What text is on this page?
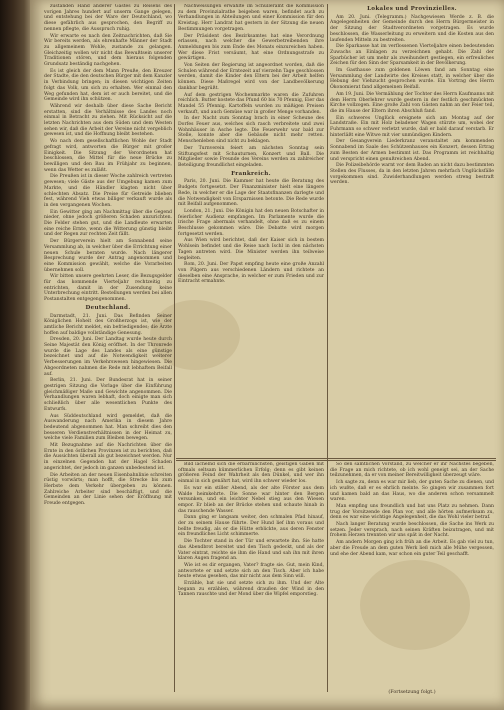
zuständen Hand anderer Gastes zu Reisens des vorigen Jahres hundert auf unserm Gange gelegen, und entstehung bei der Ware der Deutschland, wo diese gefährlich aus gesprochen, den Begriff zu nennen pflegte, die Ausspruch ruhig.

Wir erwarte es nach den Zeitnachrichten, daß Sie Wir bereits werden, als ehrenhafte Männer der Stadt zu allgemeinem Wohle, zustande zu gelangen. Gleichzeitig wollen wir nicht das Bewußtsein unserer Traditionen stören, und dem hieraus folgenden Grundsatz beständig nachgehen.

Es ist gleich der dem Mann Preuße, den Kreuzer der Stadte, die den deutschen Bürger mit dem Kanzler in Verbindung bringen; in diesen wichtigen Zeiten folgt das Volk, um sich zu erhalten. Wer einmal den Weg gefunden hat, dem ist er auch bereitet, und die Gemeinde wird ihn schützen.

Während wir deshalb über diese Sache Bericht erstatten, sind die Verhältnisse des Landes noch einmal in Betracht zu ziehen. Mit Rücksicht auf die letzten Nachrichten aus dem Süden und dem Westen sehen wir, daß die Arbeit der Vereine nicht vergeblich gewesen ist, und die Hoffnung bleibt bestehen.

Wo nach dem gesellschaftlichen Wohle der Stadt gefragt wird, antworten die Bürger mit großer Einigkeit. Die Sitzung der Verordneten hat beschlossen, die Mittel für die neue Brücke zu bewilligen und den Bau im Frühjahr zu beginnen, wenn das Wetter es zuläßt.

Die Preußen ist in dieser Woche zahlreich vertreten gewesen; viele Gäste aus der Umgebung kamen zum Markte, und die Händler klagten nicht über schlechten Absatz. Die Preise für Getreide blieben fest, während Vieh etwas billiger verkauft wurde als in den vergangenen Wochen.

Ein Gewitter ging am Nachmittag über die Gegend nieder, ohne jedoch größeren Schaden anzurichten. Die Felder stehen gut, und die Landleute erwarten eine reiche Ernte, wenn die Witterung günstig bleibt und der Regen zur rechten Zeit fällt.

Der Bürgerverein hielt am Sonnabend seine Versammlung ab, in welcher über die Errichtung einer neuen Schule beraten wurde. Nach längerer Besprechung wurde der Antrag angenommen und eine Kommission gewählt, welche die Vorarbeiten übernehmen soll.

Wir bitten unsere geehrten Leser, die Bezugsgelder für das kommende Vierteljahr rechtzeitig zu entrichten, damit in der Zusendung keine Unterbrechung eintritt. Bestellungen werden bei allen Postanstalten entgegengenommen.

Deutschland.

Darmstadt, 21. Juni. Das Befinden Seiner Königlichen Hoheit des Großherzogs ist, wie der amtliche Bericht meldet, ein befriedigendes; die Ärzte hoffen auf baldige vollständige Genesung.

Dresden, 20. Juni. Der Landtag wurde heute durch Seine Majestät den König eröffnet. In der Thronrede wurde die Lage des Landes als eine günstige bezeichnet und auf die Notwendigkeit weiterer Verbesserungen im Verkehrswesen hingewiesen. Die Abgeordneten nahmen die Rede mit lebhaftem Beifall auf.

Berlin, 21. Juni. Der Bundesrat hat in seiner gestrigen Sitzung die Vorlage über die Einführung gleichmäßiger Maße und Gewichte angenommen. Die Verhandlungen waren lebhaft, doch einigte man sich schließlich über alle wesentlichen Punkte des Entwurfs.

Aus Süddeutschland wird gemeldet, daß die Auswanderung nach Amerika in diesem Jahre bedeutend abgenommen hat. Man schreibt dies den besseren Verdienstverhältnissen in der Heimat zu, welche viele Familien zum Bleiben bewegen.

Mit Bezugnahme auf die Nachrichten über die Ernte in den östlichen Provinzen ist zu berichten, daß die Aussichten überall als gut bezeichnet werden. Nur in einzelnen Gegenden hat der Hagel Schaden angerichtet, der jedoch im ganzen unbedeutend ist.

Die Arbeiten an der neuen Eisenbahnlinie schreiten rüstig vorwärts; man hofft, die Strecke bis zum Herbste dem Verkehr übergeben zu können. Zahlreiche Arbeiter sind beschäftigt, und die Gemeinden an der Linie sehen der Eröffnung mit Freude entgegen.

Nachweisungen erwählte im Schülleramt die Kommission zu dem Provinzialrathe beigeben waren, befindet auch zu Verhandlungen in Abteilungen und einer Kommission für den Kreistag. Herr Landrat hat gestern in der Sitzung die neuen Bestimmungen vorgetragen.

Der Präsident des Bezirksamtes hat eine Verordnung erlassen, nach welcher die Gewerbetreibenden ihre Anmeldungen bis zum Ende des Monats einzureichen haben. Wer diese Frist versäumt, hat eine Ordnungsstrafe zu gewärtigen.

Von Seiten der Regierung ist angeordnet worden, daß die Schulen während der Erntezeit auf vierzehn Tage geschlossen werden, damit die Kinder den Eltern bei der Arbeit helfen können. Diese Maßregel wird von der Landbevölkerung dankbar begrüßt.

Auf dem gestrigen Wochenmarkte waren die Zufuhren reichlich. Butter kostete das Pfund 60 bis 70 Pfennig, Eier das Mandel 55 Pfennig. Kartoffeln wurden zu mäßigen Preisen verkauft, und auch Gemüse war in großer Menge vorhanden.

In der Nacht zum Sonntag brach in einer Scheune des Dorfes Feuer aus, welches sich rasch verbreitete und zwei Wohnhäuser in Asche legte. Die Feuerwehr war bald zur Stelle, konnte aber die Gebäude nicht mehr retten. Menschenleben sind nicht zu beklagen.

Der Turnverein feiert am nächsten Sonntag sein Stiftungsfest mit Schauturnen, Konzert und Ball. Die Mitglieder sowie Freunde des Vereins werden zu zahlreicher Beteiligung freundlichst eingeladen.

Frankreich.

Paris, 20. Juni. Die Kammer hat heute die Beratung des Budgets fortgesetzt. Der Finanzminister hielt eine längere Rede, in welcher er die Lage der Staatsfinanzen darlegte und die Notwendigkeit von Ersparnissen betonte. Die Rede wurde mit Beifall aufgenommen.

London, 21. Juni. Die Königin hat den neuen Botschafter in feierlicher Audienz empfangen. Im Parlamente wurde die irische Frage abermals verhandelt, ohne daß es zu einem Beschlusse gekommen wäre. Die Debatte wird morgen fortgesetzt werden.

Aus Wien wird berichtet, daß der Kaiser sich in bestem Wohlsein befindet und die Reise nach Ischl in den nächsten Tagen antreten wird. Die Minister werden ihn teilweise begleiten.

Rom, 20. Juni. Der Papst empfing heute eine große Anzahl von Pilgern aus verschiedenen Ländern und richtete an dieselben eine Ansprache, in welcher er zum Frieden und zur Eintracht ermahnte.

Lokales und Provinzielles.

Am 20. Juni. (Telegramm.) Nachgewiesen Werde z. B. die Angelegenheiten der Gemeinde durch den Herrn Bürgermeister in der Sitzung der Stadtverordneten vorgetragen. Es wurde beschlossen, die Wasserleitung zu erweitern und die Kosten aus den laufenden Mitteln zu bestreiten.

Die Sparkasse hat im verflossenen Vierteljahre einen bedeutenden Zuwachs an Einlagen zu verzeichnen gehabt. Die Zahl der Sparbücher ist um mehr als zweihundert gestiegen, ein erfreuliches Zeichen für den Sinn der Sparsamkeit in der Bevölkerung.

Im Gasthause zum goldenen Löwen fand am Sonntag eine Versammlung der Landwirte des Kreises statt, in welcher über die Hebung der Viehzucht gesprochen wurde. Ein Vortrag des Herrn Ökonomierat fand allgemeinen Beifall.

Am 19. Juni. Die Vermählung der Tochter des Herrn Kaufmanns mit dem Herrn Oberlehrer wurde gestern in der festlich geschmückten Kirche vollzogen. Eine große Zahl von Gästen nahm an der Feier teil, die im Hause der Eltern ihren Abschluß fand.

Ein schweres Unglück ereignete sich am Montag auf der Landstraße. Ein mit Holz beladener Wagen stürzte um, wobei der Fuhrmann so schwer verletzt wurde, daß er bald darauf verstarb. Er hinterläßt eine Witwe mit vier unmündigen Kindern.

Der Gesangverein Liederkranz veranstaltet am kommenden Sonnabend im Saale des Schützenhauses ein Konzert, dessen Ertrag zum Besten der Armen bestimmt ist. Das Programm ist reichhaltig und verspricht einen genußreichen Abend.

Die Polizeibehörde warnt vor dem Baden an nicht dazu bestimmten Stellen des Flusses, da in den letzten Jahren mehrfach Unglücksfälle vorgekommen sind. Zuwiderhandlungen werden streng bestraft werden.

Bild lächelnd sich die erbärmlichsten, geistigen Gaben mit oftmals seltsam kümmerlichen Erfolg; denn es gibt keinen größeren Feind der Wahrheit als den Dünkel, und wer ihn einmal in sich genährt hat, wird ihn schwer wieder los.

Es war ein stiller Abend, als der alte Förster aus dem Walde heimkehrte. Die Sonne war hinter den Bergen versunken, und ein leichter Nebel stieg aus den Wiesen empor. Er blieb an der Brücke stehen und schaute hinab in das rauschende Wasser.

Dann ging er langsam weiter, den schmalen Pfad hinauf, der zu seinem Hause führte. Der Hund lief ihm voraus und bellte freudig, als er die Hütte erblickte, aus deren Fenster ein freundliches Licht schimmerte.

Die Tochter stand in der Tür und erwartete ihn. Sie hatte das Abendbrot bereitet und den Tisch gedeckt, und als der Vater eintrat, reichte sie ihm die Hand und sah ihn mit ihren klaren Augen fragend an.

Wie ist es dir ergangen, Vater? fragte sie. Gut, mein Kind, antwortete er und setzte sich an den Tisch. Aber ich habe heute etwas gesehen, das mir nicht aus dem Sinn will.

Erzähle, bat sie und setzte sich zu ihm. Und der Alte begann zu erzählen, während draußen der Wind in den Tannen rauschte und der Mond über die Wipfel emporstieg.

So den sämtlichen Vorstand, zu welcher er ihr Nächstes begeben, die Frage an mich richtete, ob ich wohl geneigt sei, an der Sache teilzunehmen, da er von meiner Bereitwilligkeit überzeugt wäre.

Ich sagte zu, denn es war mir lieb, der guten Sache zu dienen, und ich wußte, daß er es ehrlich meinte. So gingen wir zusammen fort und kamen bald an das Haus, wo die anderen schon versammelt waren.

Man empfing uns freundlich und bat uns Platz zu nehmen. Dann trug der Vorsitzende den Plan vor, und alle hörten aufmerksam zu, denn es war eine wichtige Angelegenheit, die das Wohl vieler betraf.

Nach langer Beratung wurde beschlossen, die Sache ins Werk zu setzen. Jeder versprach, nach seinen Kräften beizutragen, und mit frohem Herzen trennten wir uns spät in der Nacht.

Am andern Morgen ging ich früh an die Arbeit. Es gab viel zu tun, aber die Freude an dem guten Werk ließ mich alle Mühe vergessen, und ehe der Abend kam, war schon ein guter Teil geschafft.

(Fortsetzung folgt.)
